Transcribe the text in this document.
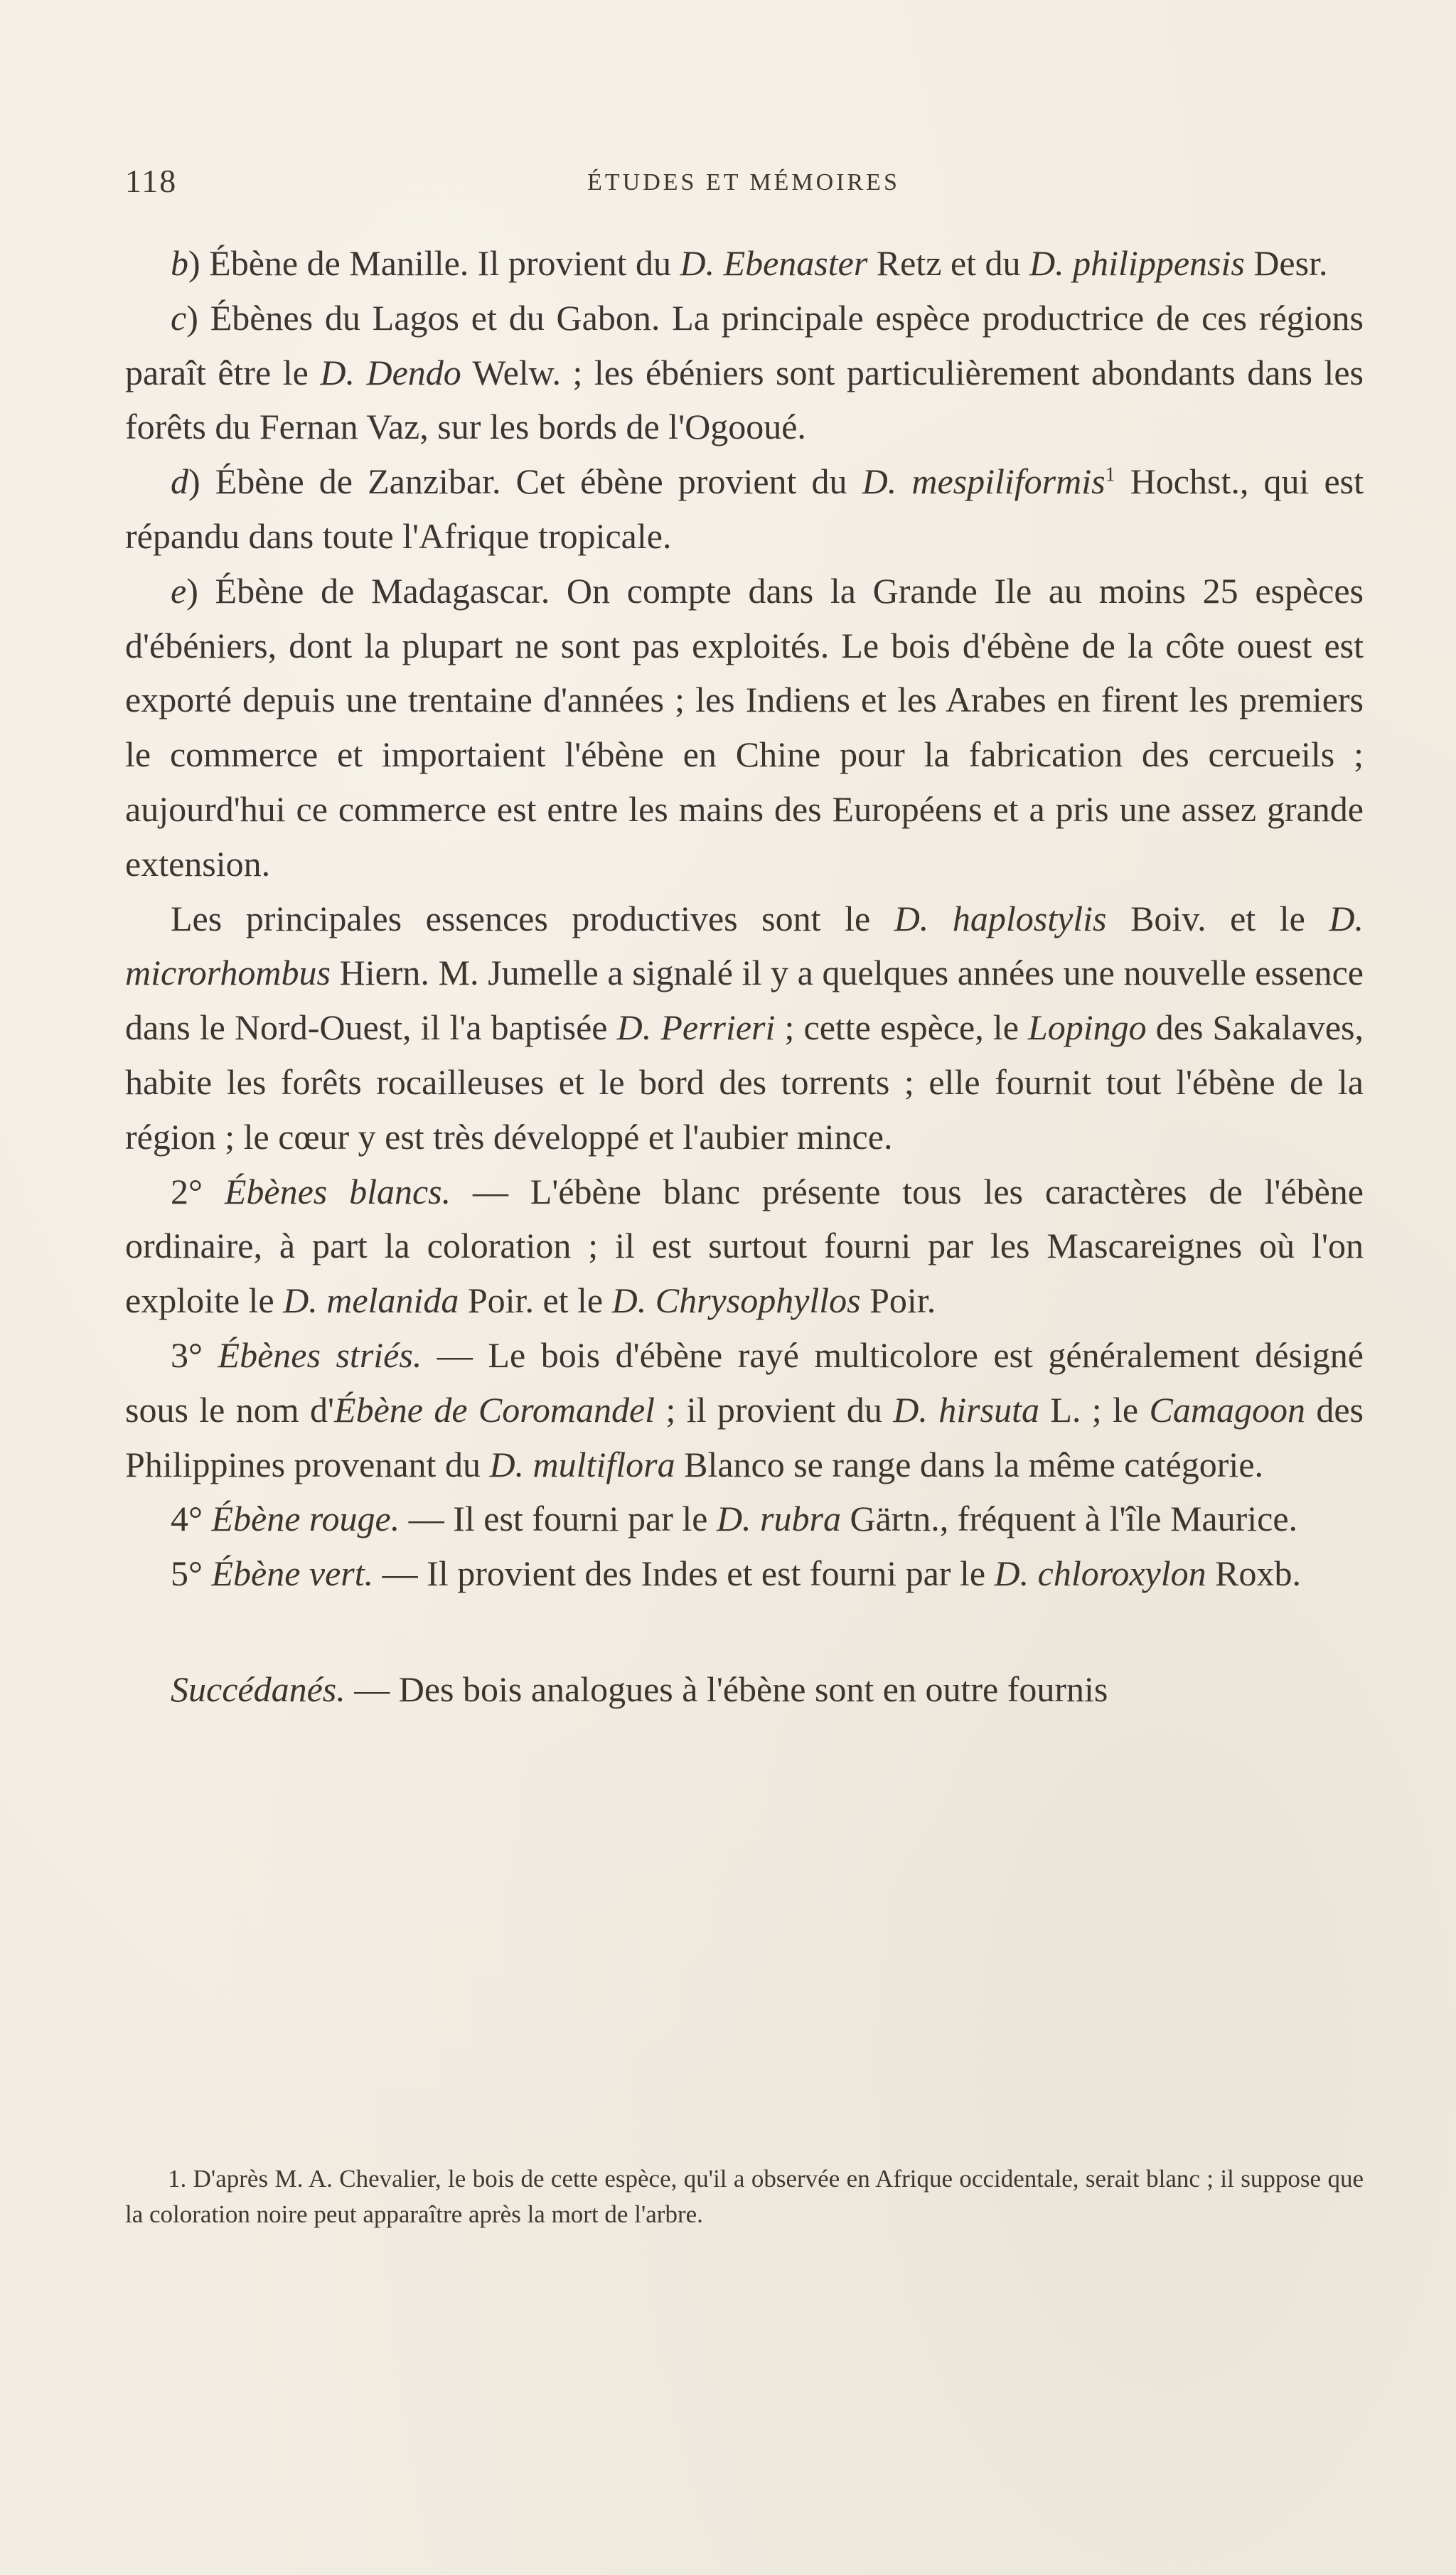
118	ÉTUDES ET MÉMOIRES

b) Ébène de Manille. Il provient du D. Ebenaster Retz et du D. philippensis Desr.

c) Ébènes du Lagos et du Gabon. La principale espèce productrice de ces régions paraît être le D. Dendo Welw. ; les ébéniers sont particulièrement abondants dans les forêts du Fernan Vaz, sur les bords de l'Ogooué.

d) Ébène de Zanzibar. Cet ébène provient du D. mespiliformis$^1$ Hochst., qui est répandu dans toute l'Afrique tropicale.

e) Ébène de Madagascar. On compte dans la Grande Ile au moins 25 espèces d'ébéniers, dont la plupart ne sont pas exploités. Le bois d'ébène de la côte ouest est exporté depuis une trentaine d'années ; les Indiens et les Arabes en firent les premiers le commerce et importaient l'ébène en Chine pour la fabrication des cercueils ; aujourd'hui ce commerce est entre les mains des Européens et a pris une assez grande extension.

Les principales essences productives sont le D. haplostylis Boiv. et le D. microrhombus Hiern. M. Jumelle a signalé il y a quelques années une nouvelle essence dans le Nord-Ouest, il l'a baptisée D. Perrieri ; cette espèce, le Lopingo des Sakalaves, habite les forêts rocailleuses et le bord des torrents ; elle fournit tout l'ébène de la région ; le cœur y est très développé et l'aubier mince.

2° Ébènes blancs. — L'ébène blanc présente tous les caractères de l'ébène ordinaire, à part la coloration ; il est surtout fourni par les Mascareignes où l'on exploite le D. melanida Poir. et le D. Chrysophyllos Poir.

3° Ébènes striés. — Le bois d'ébène rayé multicolore est généralement désigné sous le nom d'Ébène de Coromandel ; il provient du D. hirsuta L. ; le Camagoon des Philippines provenant du D. multiflora Blanco se range dans la même catégorie.

4° Ébène rouge. — Il est fourni par le D. rubra Gärtn., fréquent à l'île Maurice.

5° Ébène vert. — Il provient des Indes et est fourni par le D. chloroxylon Roxb.

Succédanés. — Des bois analogues à l'ébène sont en outre fournis

1. D'après M. A. Chevalier, le bois de cette espèce, qu'il a observée en Afrique occidentale, serait blanc ; il suppose que la coloration noire peut apparaître après la mort de l'arbre.
